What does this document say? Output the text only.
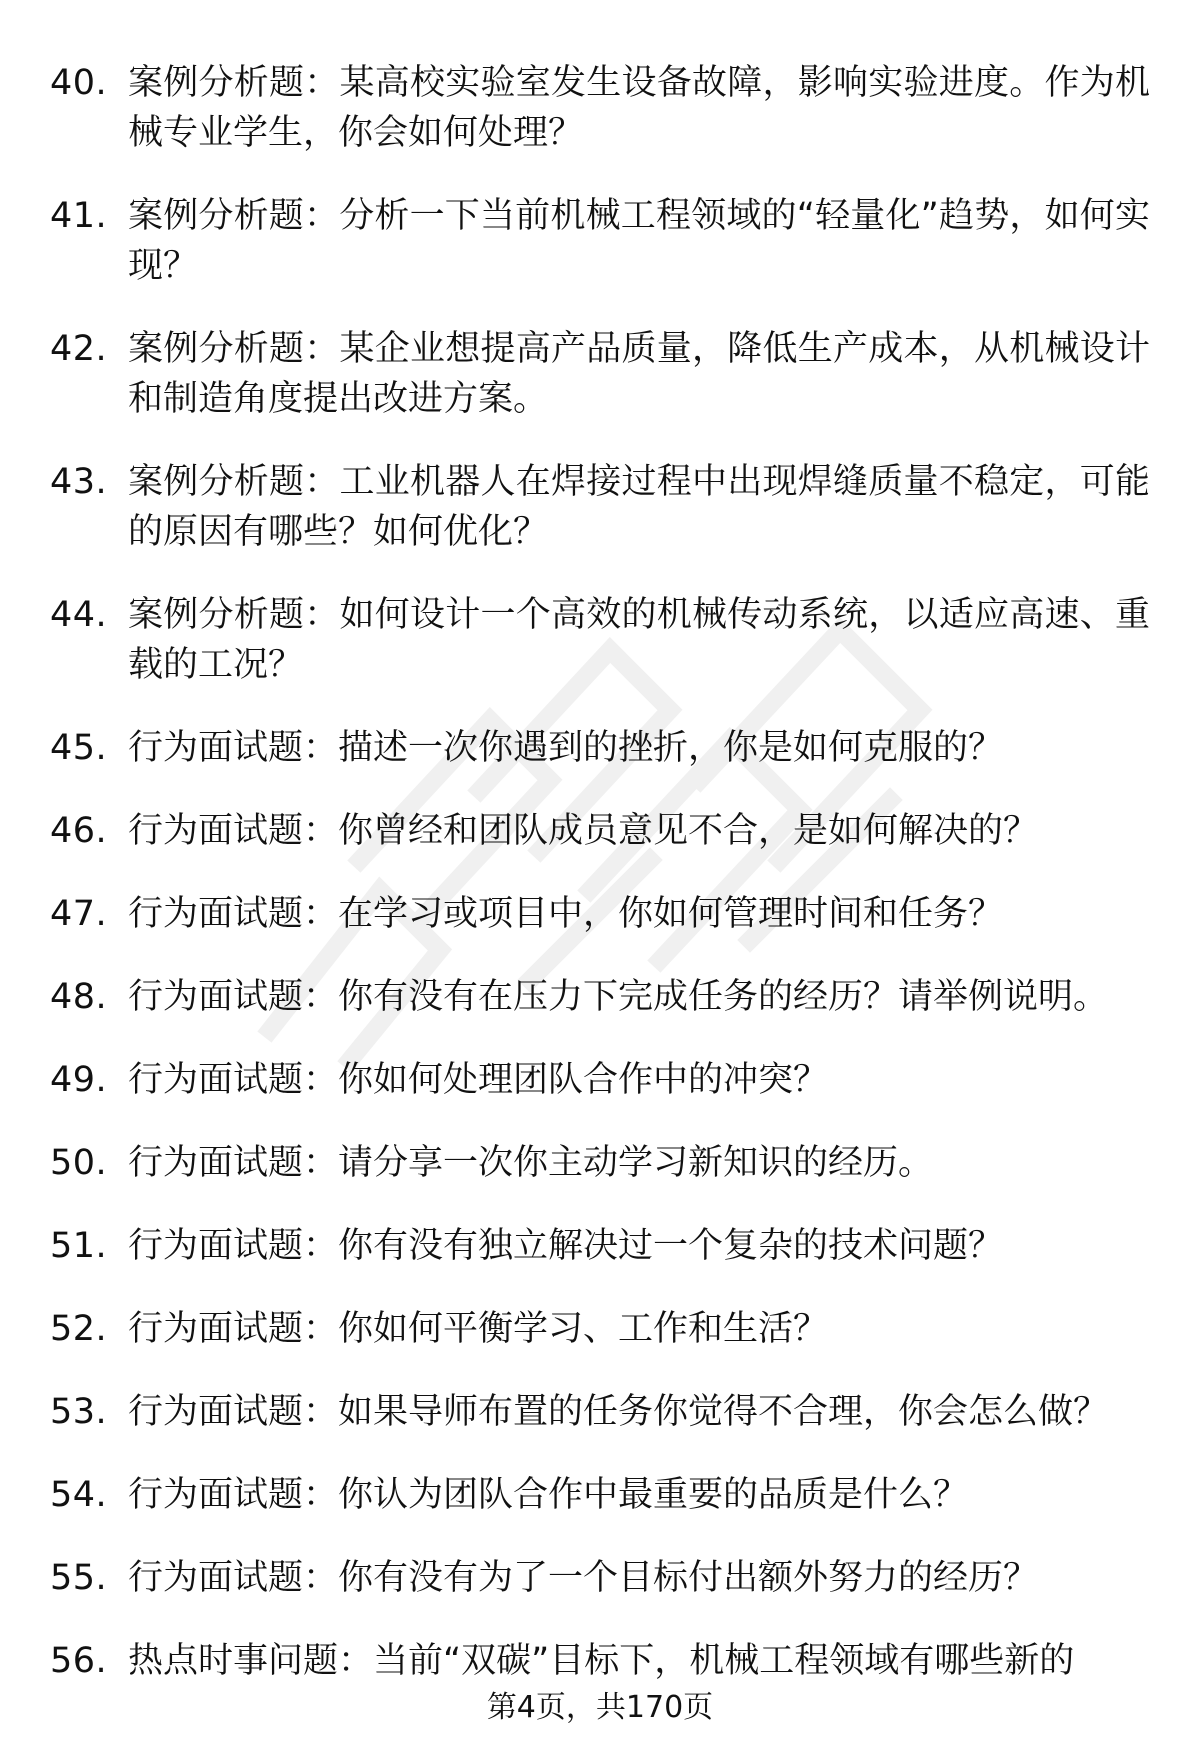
40. 案例分析题：某高校实验室发生设备故障，影响实验进度。作为机械专业学生，你会如何处理？
41. 案例分析题：分析一下当前机械工程领域的“轻量化”趋势，如何实现？
42. 案例分析题：某企业想提高产品质量，降低生产成本，从机械设计和制造角度提出改进方案。
43. 案例分析题：工业机器人在焊接过程中出现焊缝质量不稳定，可能的原因有哪些？如何优化？
44. 案例分析题：如何设计一个高效的机械传动系统，以适应高速、重载的工况？
45. 行为面试题：描述一次你遇到的挫折，你是如何克服的？
46. 行为面试题：你曾经和团队成员意见不合，是如何解决的？
47. 行为面试题：在学习或项目中，你如何管理时间和任务？
48. 行为面试题：你有没有在压力下完成任务的经历？请举例说明。
49. 行为面试题：你如何处理团队合作中的冲突？
50. 行为面试题：请分享一次你主动学习新知识的经历。
51. 行为面试题：你有没有独立解决过一个复杂的技术问题？
52. 行为面试题：你如何平衡学习、工作和生活？
53. 行为面试题：如果导师布置的任务你觉得不合理，你会怎么做？
54. 行为面试题：你认为团队合作中最重要的品质是什么？
55. 行为面试题：你有没有为了一个目标付出额外努力的经历？
56. 热点时事问题：当前“双碳”目标下，机械工程领域有哪些新的
第4页，共170页
